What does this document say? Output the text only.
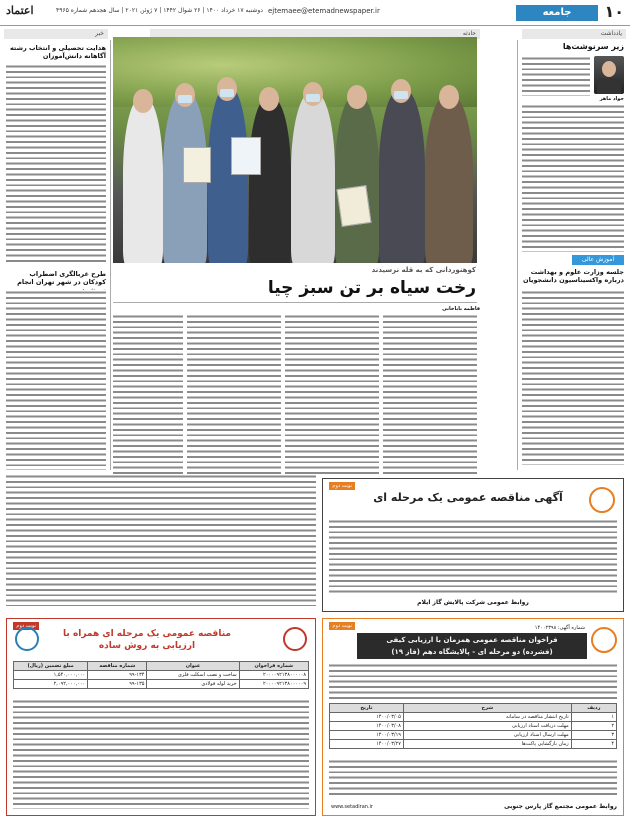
۱۰
جامعه
ejtemaee@etemadnewspaper.ir
دوشنبه ۱۷ خرداد ۱۴۰۰ | ۲۶ شوال ۱۴۴۲ | ۷ ژوئن ۲۰۲۱ | سال هجدهم شماره ۴۹۶۵
اعتماد
یادداشت
حادثه
خبر
زیر سرنوشت‌ها
جواد ماهر
آموزش عالی
جلسه وزارت علوم و بهداشت درباره واکسیناسیون دانشجویان
هدایت تحصیلی و انتخاب رشته آگاهانه دانش‌آموزان
طرح غربالگری اضطراب کودکان در شهر تهران انجام
کوهنوردانی که به قله نرسیدند
رخت سیاه بر تن سبز چیا
فاطمه باباخانی
نوبت دوم
آگهی مناقصه عمومی یک مرحله ای
روابط عمومی شرکت پالایش گاز ایلام
نوبت دوم
مناقصه عمومی یک مرحله ای همراه با
ارزیابی به روش ساده
شماره فراخوان	عنوان	شماره مناقصه	مبلغ تضمین (ریال)
۲۰۰۰۰۹۲۱۳۸۰۰۰۰۰۸	ساخت و نصب اسکلت فلزی	۹۹-۱۳۴	۱,۵۴۰,۰۰۰,۰۰۰
۲۰۰۰۰۹۲۱۳۸۰۰۰۰۰۹	خرید لوله فولادی	۹۹-۱۳۵	۲,۰۹۲,۰۰۰,۰۰۰
نوبت دوم	شماره آگهی: ۱۴۰۰۲۳۹۸
فراخوان مناقصه عمومی همزمان با ارزیابی کیفی
(فشرده) دو مرحله ای - پالایشگاه دهم (فاز ۱۹)
ردیف	شرح	تاریخ
۱	تاریخ انتشار مناقصه در سامانه	۱۴۰۰/۰۳/۰۵
۲	مهلت دریافت اسناد ارزیابی	۱۴۰۰/۰۳/۰۸
۳	مهلت ارسال اسناد ارزیابی	۱۴۰۰/۰۳/۱۹
۴	زمان بازگشایی پاکت‌ها	۱۴۰۰/۰۳/۲۷
روابط عمومی مجتمع گاز پارس جنوبی
www.setadiran.ir
